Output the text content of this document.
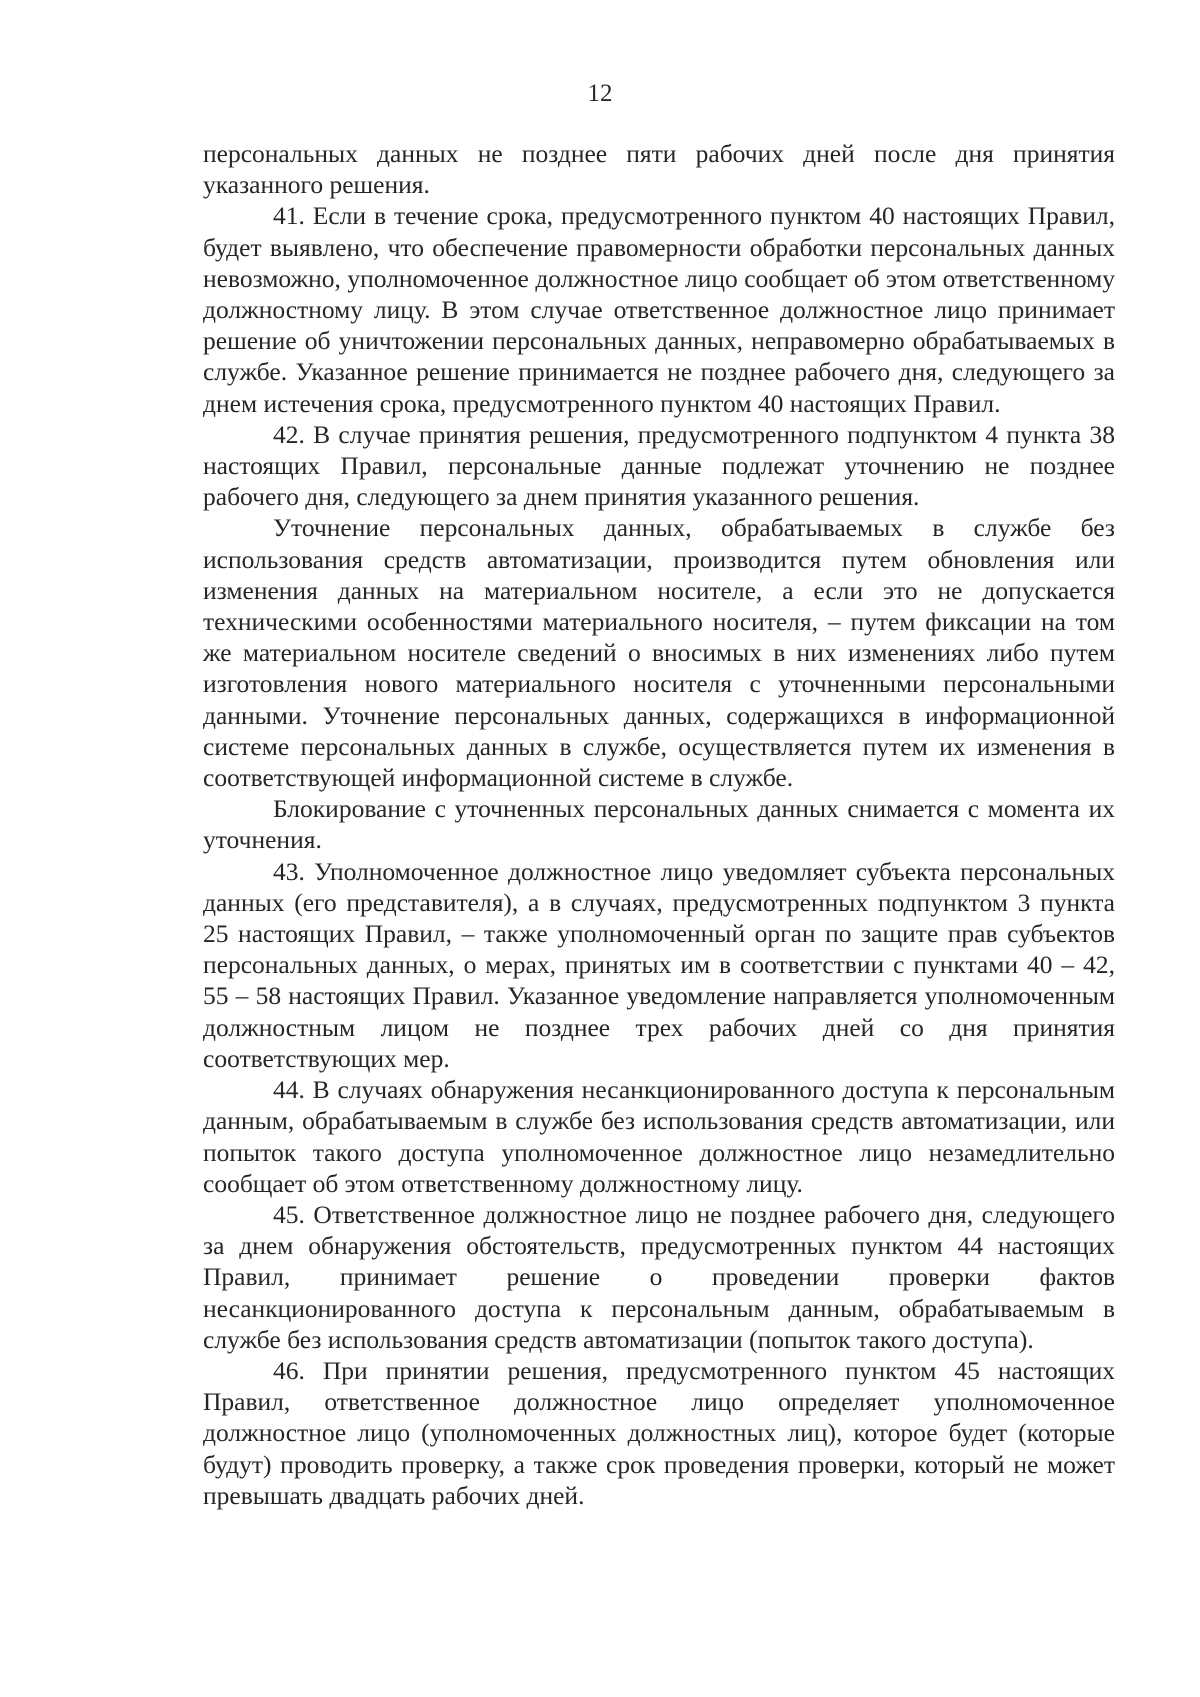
12

персональных данных не позднее пяти рабочих дней после дня принятия указанного решения.

41. Если в течение срока, предусмотренного пунктом 40 настоящих Правил, будет выявлено, что обеспечение правомерности обработки персональных данных невозможно, уполномоченное должностное лицо сообщает об этом ответственному должностному лицу. В этом случае ответственное должностное лицо принимает решение об уничтожении персональных данных, неправомерно обрабатываемых в службе. Указанное решение принимается не позднее рабочего дня, следующего за днем истечения срока, предусмотренного пунктом 40 настоящих Правил.

42. В случае принятия решения, предусмотренного подпунктом 4 пункта 38 настоящих Правил, персональные данные подлежат уточнению не позднее рабочего дня, следующего за днем принятия указанного решения.

Уточнение персональных данных, обрабатываемых в службе без использования средств автоматизации, производится путем обновления или изменения данных на материальном носителе, а если это не допускается техническими особенностями материального носителя, – путем фиксации на том же материальном носителе сведений о вносимых в них изменениях либо путем изготовления нового материального носителя с уточненными персональными данными. Уточнение персональных данных, содержащихся в информационной системе персональных данных в службе, осуществляется путем их изменения в соответствующей информационной системе в службе.

Блокирование с уточненных персональных данных снимается с момента их уточнения.

43. Уполномоченное должностное лицо уведомляет субъекта персональных данных (его представителя), а в случаях, предусмотренных подпунктом 3 пункта 25 настоящих Правил, – также уполномоченный орган по защите прав субъектов персональных данных, о мерах, принятых им в соответствии с пунктами 40 – 42, 55 – 58 настоящих Правил. Указанное уведомление направляется уполномоченным должностным лицом не позднее трех рабочих дней со дня принятия соответствующих мер.

44. В случаях обнаружения несанкционированного доступа к персональным данным, обрабатываемым в службе без использования средств автоматизации, или попыток такого доступа уполномоченное должностное лицо незамедлительно сообщает об этом ответственному должностному лицу.

45. Ответственное должностное лицо не позднее рабочего дня, следующего за днем обнаружения обстоятельств, предусмотренных пунктом 44 настоящих Правил, принимает решение о проведении проверки фактов несанкционированного доступа к персональным данным, обрабатываемым в службе без использования средств автоматизации (попыток такого доступа).

46. При принятии решения, предусмотренного пунктом 45 настоящих Правил, ответственное должностное лицо определяет уполномоченное должностное лицо (уполномоченных должностных лиц), которое будет (которые будут) проводить проверку, а также срок проведения проверки, который не может превышать двадцать рабочих дней.
